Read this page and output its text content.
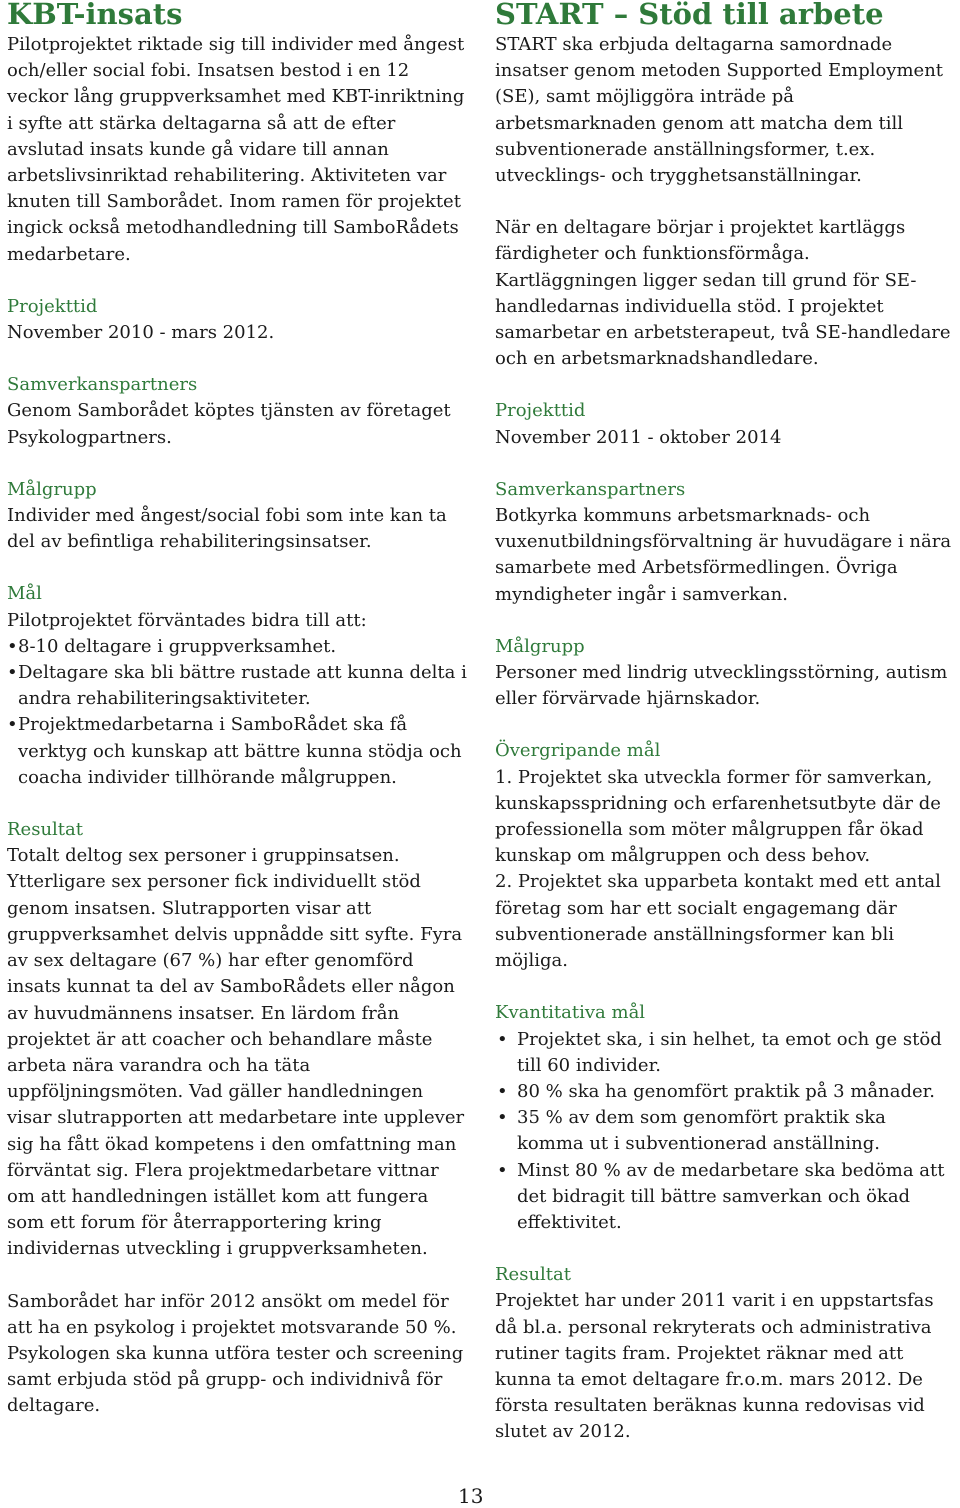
KBT-insats

Pilotprojektet riktade sig till individer med ångest och/eller social fobi. Insatsen bestod i en 12 veckor lång gruppverksamhet med KBT-inriktning i syfte att stärka deltagarna så att de efter avslutad insats kunde gå vidare till annan arbetslivsinriktad rehabilitering. Aktiviteten var knuten till Samborådet. Inom ramen för projektet ingick också metodhandledning till SamboRådets medarbetare.

Projekttid

November 2010 - mars 2012.

Samverkanspartners

Genom Samborådet köptes tjänsten av företaget Psykologpartners.

Målgrupp

Individer med ångest/social fobi som inte kan ta del av befintliga rehabiliteringsinsatser.

Mål

Pilotprojektet förväntades bidra till att:

• 8-10 deltagare i gruppverksamhet.
• Deltagare ska bli bättre rustade att kunna delta i andra rehabiliteringsaktiviteter.
• Projektmedarbetarna i SamboRådet ska få verktyg och kunskap att bättre kunna stödja och coacha individer tillhörande målgruppen.
Resultat

Totalt deltog sex personer i gruppinsatsen. Ytterligare sex personer fick individuellt stöd genom insatsen. Slutrapporten visar att gruppverksamhet delvis uppnådde sitt syfte. Fyra av sex deltagare (67 %) har efter genomförd insats kunnat ta del av SamboRådets eller någon av huvudmännens insatser. En lärdom från projektet är att coacher och behandlare måste arbeta nära varandra och ha täta uppföljningsmöten. Vad gäller handledningen visar slutrapporten att medarbetare inte upplever sig ha fått ökad kompetens i den omfattning man förväntat sig. Flera projektmedarbetare vittnar om att handledningen istället kom att fungera som ett forum för återrapportering kring individernas utveckling i gruppverksamheten.

Samborådet har inför 2012 ansökt om medel för att ha en psykolog i projektet motsvarande 50 %. Psykologen ska kunna utföra tester och screening samt erbjuda stöd på grupp- och individnivå för deltagare.

START – Stöd till arbete

START ska erbjuda deltagarna samordnade insatser genom metoden Supported Employment (SE), samt möjliggöra inträde på arbetsmarknaden genom att matcha dem till subventionerade anställningsformer, t.ex. utvecklings- och trygghetsanställningar.

När en deltagare börjar i projektet kartläggs färdigheter och funktionsförmåga. Kartläggningen ligger sedan till grund för SE-handledarnas individuella stöd. I projektet samarbetar en arbetsterapeut, två SE-handledare och en arbetsmarknadshandledare.

Projekttid

November 2011 - oktober 2014

Samverkanspartners

Botkyrka kommuns arbetsmarknads- och vuxenutbildningsförvaltning är huvudägare i nära samarbete med Arbetsförmedlingen. Övriga myndigheter ingår i samverkan.

Målgrupp

Personer med lindrig utvecklingsstörning, autism eller förvärvade hjärnskador.

Övergripande mål

1. Projektet ska utveckla former för samverkan, kunskapsspridning och erfarenhetsutbyte där de professionella som möter målgruppen får ökad kunskap om målgruppen och dess behov.

2. Projektet ska upparbeta kontakt med ett antal företag som har ett socialt engagemang där subventionerade anställningsformer kan bli möjliga.

Kvantitativa mål
• Projektet ska, i sin helhet, ta emot och ge stöd till 60 individer.
• 80 % ska ha genomfört praktik på 3 månader.
• 35 % av dem som genomfört praktik ska komma ut i subventionerad anställning.
• Minst 80 % av de medarbetare ska bedöma att det bidragit till bättre samverkan och ökad effektivitet.
Resultat

Projektet har under 2011 varit i en uppstartsfas då bl.a. personal rekryterats och administrativa rutiner tagits fram. Projektet räknar med att kunna ta emot deltagare fr.o.m. mars 2012. De första resultaten beräknas kunna redovisas vid slutet av 2012.

13
